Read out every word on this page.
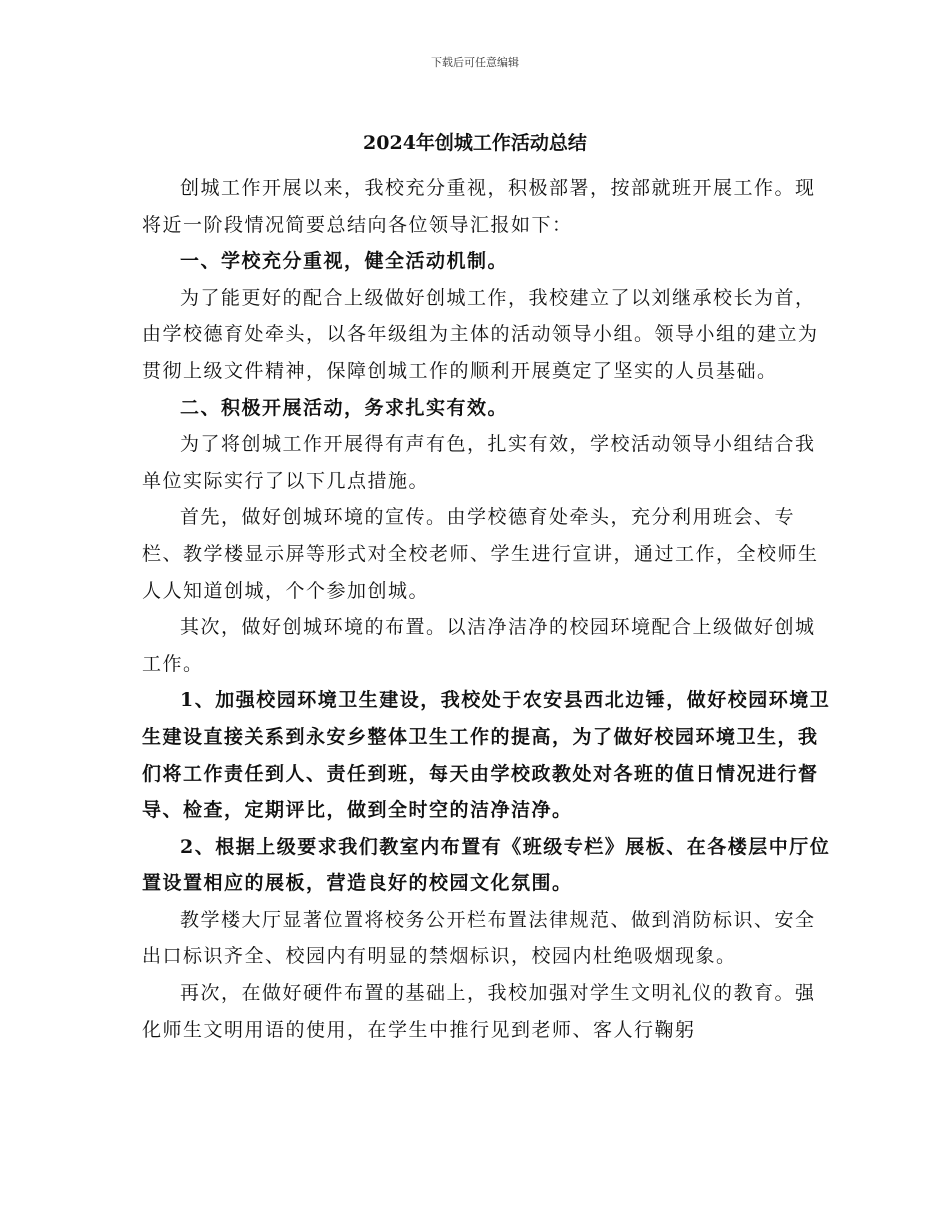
下载后可任意编辑
2024年创城工作活动总结

创城工作开展以来，我校充分重视，积极部署，按部就班开展工作。现将近一阶段情况简要总结向各位领导汇报如下：

一、学校充分重视，健全活动机制。

为了能更好的配合上级做好创城工作，我校建立了以刘继承校长为首，由学校德育处牵头，以各年级组为主体的活动领导小组。领导小组的建立为贯彻上级文件精神，保障创城工作的顺利开展奠定了坚实的人员基础。

二、积极开展活动，务求扎实有效。

为了将创城工作开展得有声有色，扎实有效，学校活动领导小组结合我单位实际实行了以下几点措施。

首先，做好创城环境的宣传。由学校德育处牵头，充分利用班会、专栏、教学楼显示屏等形式对全校老师、学生进行宣讲，通过工作，全校师生人人知道创城，个个参加创城。

其次，做好创城环境的布置。以洁净洁净的校园环境配合上级做好创城工作。

1、加强校园环境卫生建设，我校处于农安县西北边锤，做好校园环境卫生建设直接关系到永安乡整体卫生工作的提高，为了做好校园环境卫生，我们将工作责任到人、责任到班，每天由学校政教处对各班的值日情况进行督导、检查，定期评比，做到全时空的洁净洁净。

2、根据上级要求我们教室内布置有《班级专栏》展板、在各楼层中厅位置设置相应的展板，营造良好的校园文化氛围。

教学楼大厅显著位置将校务公开栏布置法律规范、做到消防标识、安全出口标识齐全、校园内有明显的禁烟标识，校园内杜绝吸烟现象。

再次，在做好硬件布置的基础上，我校加强对学生文明礼仪的教育。强化师生文明用语的使用，在学生中推行见到老师、客人行鞠躬
